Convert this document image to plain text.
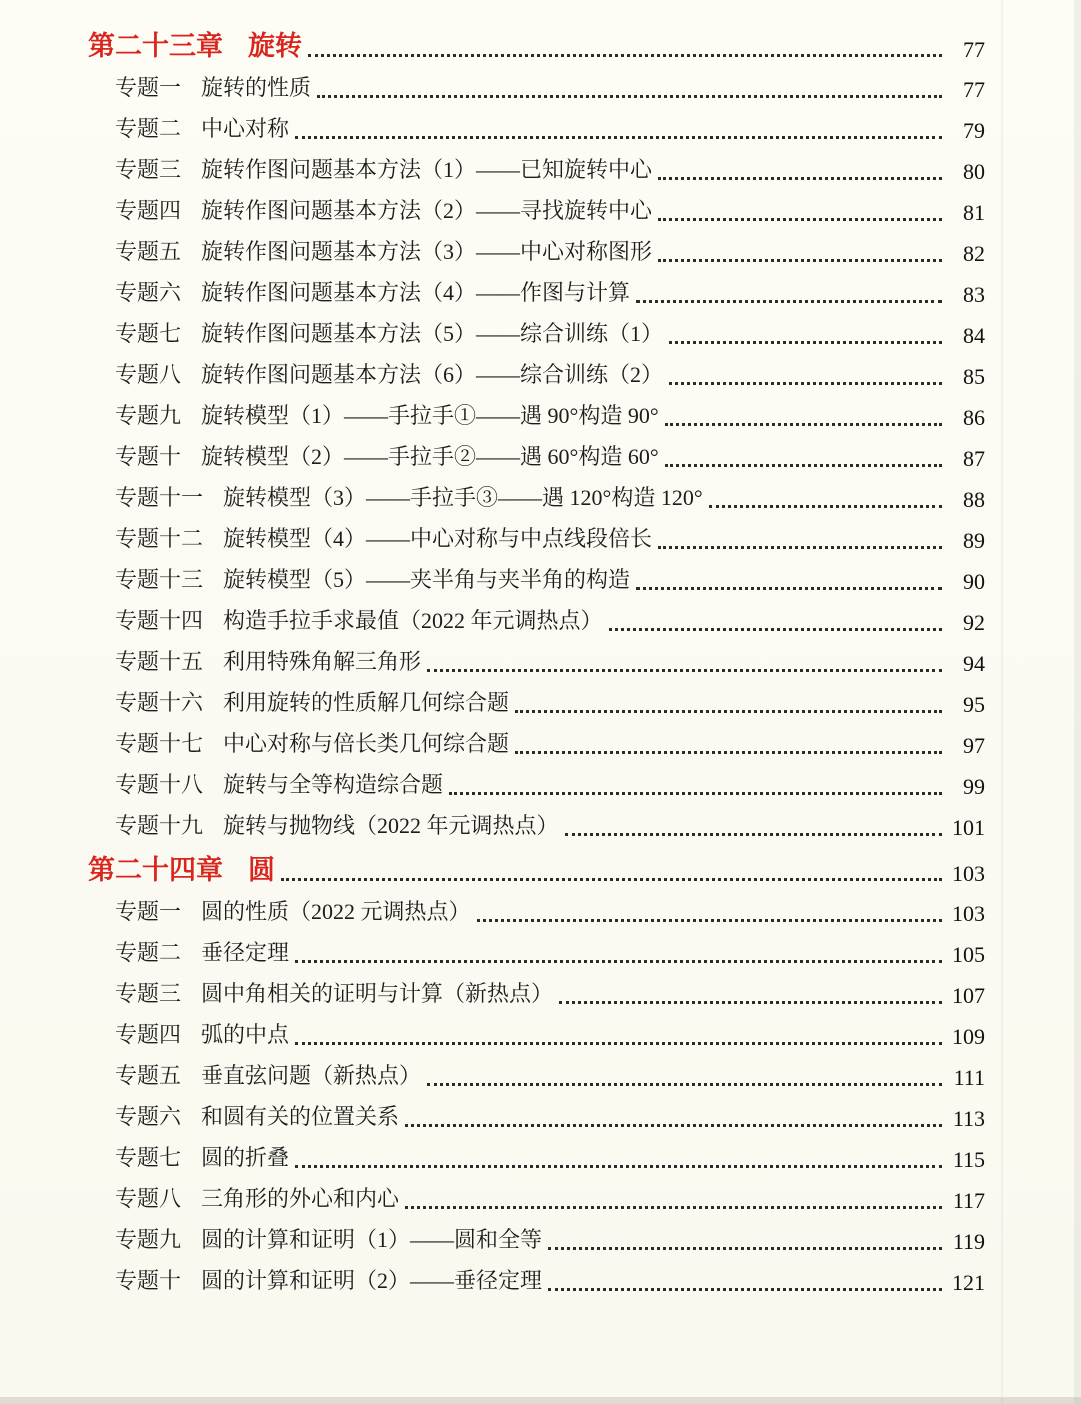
第二十三章 旋转	77
专题一 旋转的性质	77
专题二 中心对称	79
专题三 旋转作图问题基本方法（1）——已知旋转中心	80
专题四 旋转作图问题基本方法（2）——寻找旋转中心	81
专题五 旋转作图问题基本方法（3）——中心对称图形	82
专题六 旋转作图问题基本方法（4）——作图与计算	83
专题七 旋转作图问题基本方法（5）——综合训练（1）	84
专题八 旋转作图问题基本方法（6）——综合训练（2）	85
专题九 旋转模型（1）——手拉手①——遇 90°构造 90°	86
专题十 旋转模型（2）——手拉手②——遇 60°构造 60°	87
专题十一 旋转模型（3）——手拉手③——遇 120°构造 120°	88
专题十二 旋转模型（4）——中心对称与中点线段倍长	89
专题十三 旋转模型（5）——夹半角与夹半角的构造	90
专题十四 构造手拉手求最值（2022 年元调热点）	92
专题十五 利用特殊角解三角形	94
专题十六 利用旋转的性质解几何综合题	95
专题十七 中心对称与倍长类几何综合题	97
专题十八 旋转与全等构造综合题	99
专题十九 旋转与抛物线（2022 年元调热点）	101
第二十四章 圆	103
专题一 圆的性质（2022 元调热点）	103
专题二 垂径定理	105
专题三 圆中角相关的证明与计算（新热点）	107
专题四 弧的中点	109
专题五 垂直弦问题（新热点）	111
专题六 和圆有关的位置关系	113
专题七 圆的折叠	115
专题八 三角形的外心和内心	117
专题九 圆的计算和证明（1）——圆和全等	119
专题十 圆的计算和证明（2）——垂径定理	121
